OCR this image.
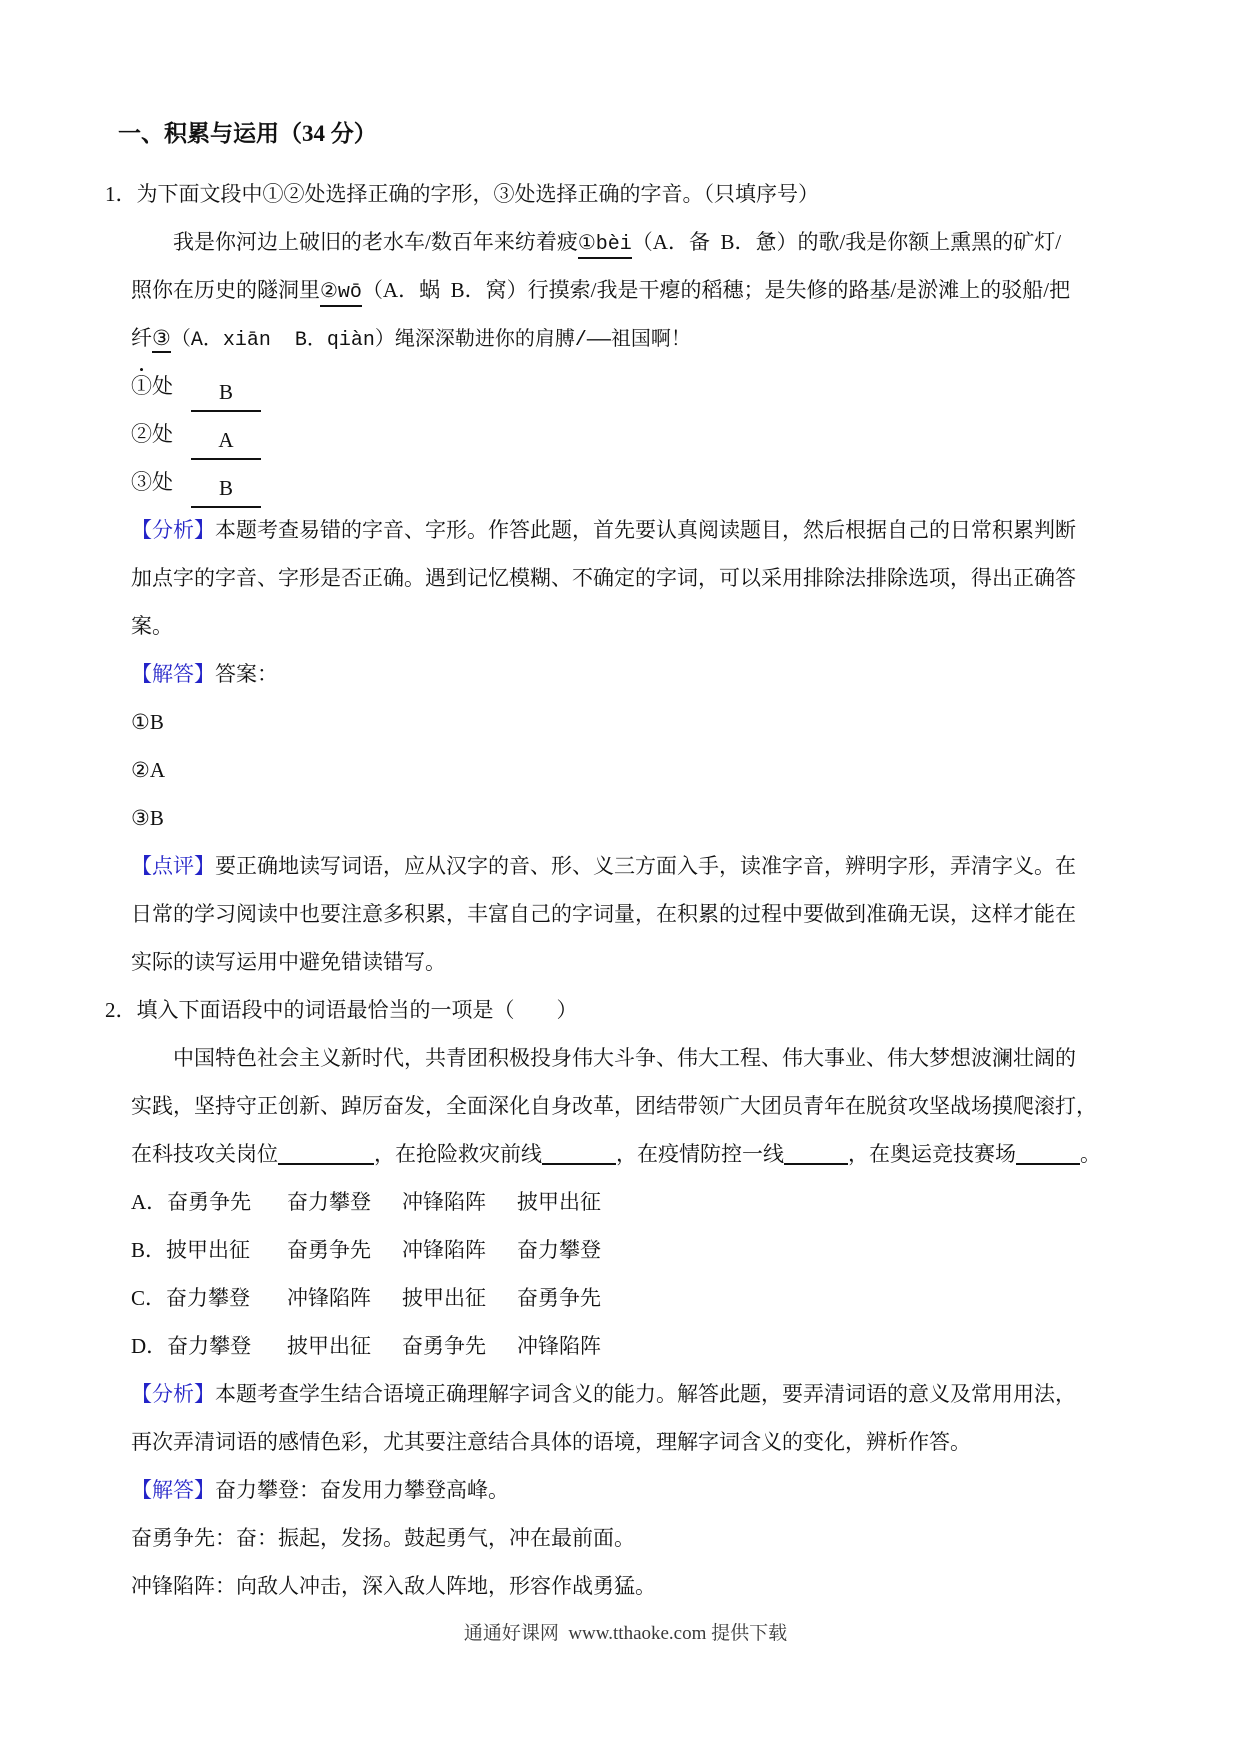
一、积累与运用（34 分）
1．为下面文段中①②处选择正确的字形，③处选择正确的字音。（只填序号）
我是你河边上破旧的老水车/数百年来纺着疲①bèi（A．备  B．惫）的歌/我是你额上熏黑的矿灯/
照你在历史的隧洞里②wō（A．蜗  B．窝）行摸索/我是干瘪的稻穗；是失修的路基/是淤滩上的驳船/把
纤③（A．xiān  B．qiàn）绳深深勒进你的肩膊/——祖国啊！
①处 B
②处 A
③处 B
【分析】本题考查易错的字音、字形。作答此题，首先要认真阅读题目，然后根据自己的日常积累判断
加点字的字音、字形是否正确。遇到记忆模糊、不确定的字词，可以采用排除法排除选项，得出正确答
案。
【解答】答案：
①B
②A
③B
【点评】要正确地读写词语，应从汉字的音、形、义三方面入手，读准字音，辨明字形，弄清字义。在
日常的学习阅读中也要注意多积累，丰富自己的字词量，在积累的过程中要做到准确无误，这样才能在
实际的读写运用中避免错读错写。
2．填入下面语段中的词语最恰当的一项是（　　）
中国特色社会主义新时代，共青团积极投身伟大斗争、伟大工程、伟大事业、伟大梦想波澜壮阔的
实践，坚持守正创新、踔厉奋发，全面深化自身改革，团结带领广大团员青年在脱贫攻坚战场摸爬滚打，
在科技攻关岗位	，在抢险救灾前线	，在疫情防控一线	，在奥运竞技赛场	。
A．奋勇争先 奋力攀登 冲锋陷阵 披甲出征
B．披甲出征 奋勇争先 冲锋陷阵 奋力攀登
C．奋力攀登 冲锋陷阵 披甲出征 奋勇争先
D．奋力攀登 披甲出征 奋勇争先 冲锋陷阵
【分析】本题考查学生结合语境正确理解字词含义的能力。解答此题，要弄清词语的意义及常用用法，
再次弄清词语的感情色彩，尤其要注意结合具体的语境，理解字词含义的变化，辨析作答。
【解答】奋力攀登：奋发用力攀登高峰。
奋勇争先：奋：振起，发扬。鼓起勇气，冲在最前面。
冲锋陷阵：向敌人冲击，深入敌人阵地，形容作战勇猛。
通通好课网  www.tthaoke.com 提供下载
